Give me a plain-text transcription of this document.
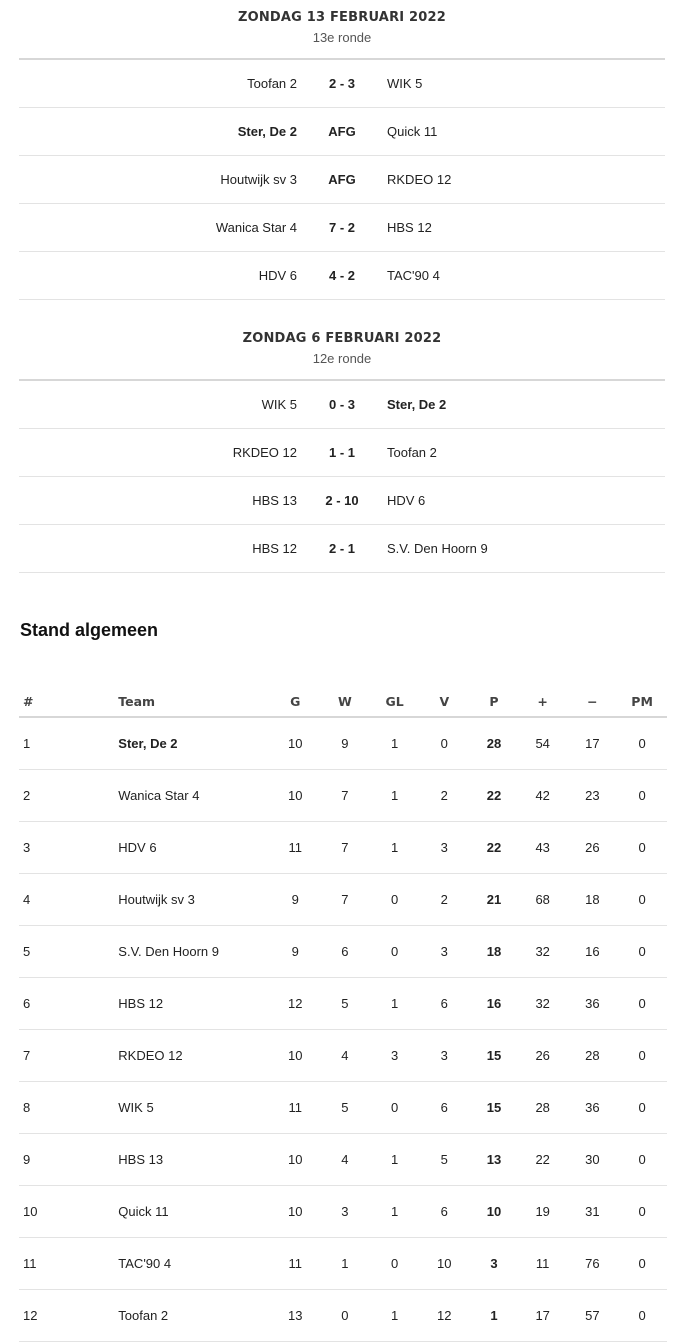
ZONDAG 13 FEBRUARI 2022
13e ronde
Toofan 2	2 - 3	WIK 5
Ster, De 2	AFG	Quick 11
Houtwijk sv 3	AFG	RKDEO 12
Wanica Star 4	7 - 2	HBS 12
HDV 6	4 - 2	TAC'90 4
ZONDAG 6 FEBRUARI 2022
12e ronde
WIK 5	0 - 3	Ster, De 2
RKDEO 12	1 - 1	Toofan 2
HBS 13	2 - 10	HDV 6
HBS 12	2 - 1	S.V. Den Hoorn 9
Stand algemeen
#	Team	G	W	GL	V	P	+	−	PM
1	Ster, De 2	10	9	1	0	28	54	17	0
2	Wanica Star 4	10	7	1	2	22	42	23	0
3	HDV 6	11	7	1	3	22	43	26	0
4	Houtwijk sv 3	9	7	0	2	21	68	18	0
5	S.V. Den Hoorn 9	9	6	0	3	18	32	16	0
6	HBS 12	12	5	1	6	16	32	36	0
7	RKDEO 12	10	4	3	3	15	26	28	0
8	WIK 5	11	5	0	6	15	28	36	0
9	HBS 13	10	4	1	5	13	22	30	0
10	Quick 11	10	3	1	6	10	19	31	0
11	TAC'90 4	11	1	0	10	3	11	76	0
12	Toofan 2	13	0	1	12	1	17	57	0
